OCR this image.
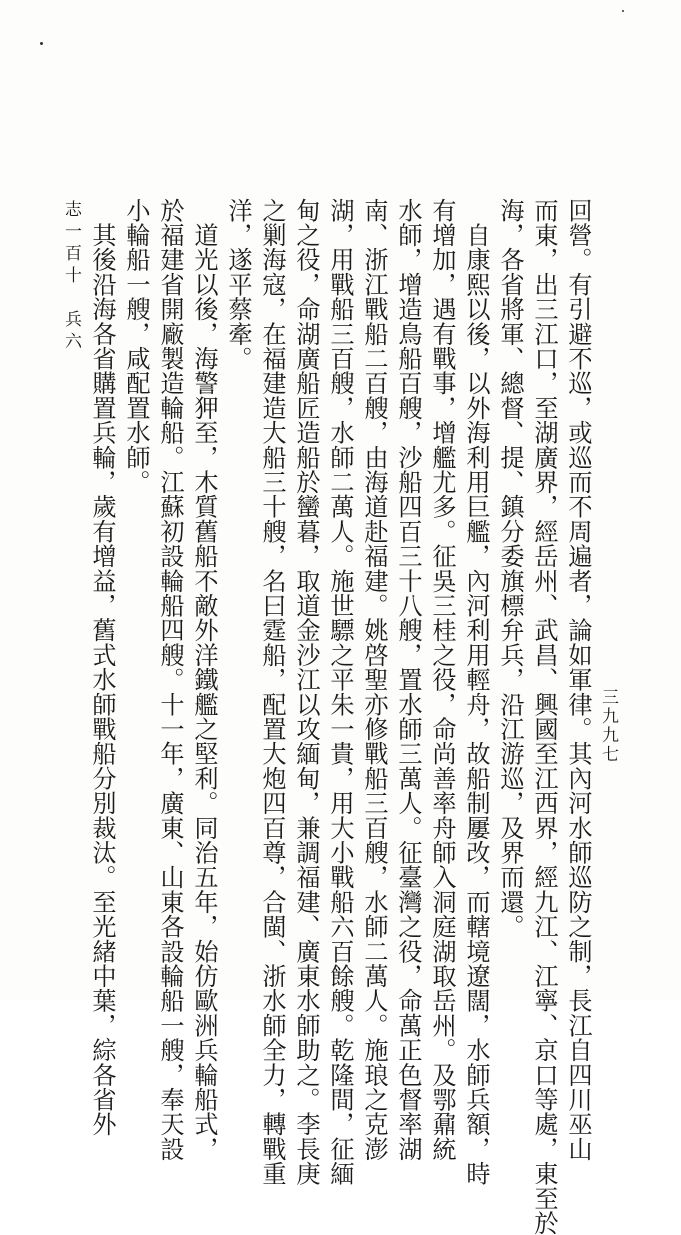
志一百十　兵六	回營。有引避不巡，或巡而不周遍者，論如軍律。其內河水師巡防之制，長江自四川巫山
而東，出三江口，至湖廣界，經岳州、武昌、興國至江西界，經九江、江寧、京口等處，東至於
海，各省將軍、總督、提、鎮分委旗標弁兵，沿江游巡，及界而還。
　自康熙以後，以外海利用巨艦，內河利用輕舟，故船制屢改，而轄境遼闊，水師兵額，時
有增加，遇有戰事，增艦尤多。征吳三桂之役，命尚善率舟師入洞庭湖取岳州。及鄂鼐統
水師，增造鳥船百艘，沙船四百三十八艘，置水師三萬人。征臺灣之役，命萬正色督率湖
南、浙江戰船二百艘，由海道赴福建。姚啓聖亦修戰船三百艘，水師二萬人。施琅之克澎
湖，用戰船三百艘，水師二萬人。施世驃之平朱一貴，用大小戰船六百餘艘。乾隆間，征緬
甸之役，命湖廣船匠造船於蠻暮，取道金沙江以攻緬甸，兼調福建、廣東水師助之。李長庚
之剿海寇，在福建造大船三十艘，名曰霆船，配置大炮四百尊，合閩、浙水師全力，轉戰重
洋，遂平蔡牽。
　道光以後，海警狎至，木質舊船不敵外洋鐵艦之堅利。同治五年，始仿歐洲兵輪船式，
於福建省開廠製造輪船。江蘇初設輪船四艘。十一年，廣東、山東各設輪船一艘，奉天設
小輪船一艘，咸配置水師。
　其後沿海各省購置兵輪，歲有增益，舊式水師戰船分別裁汰。至光緒中葉，綜各省外	三九九七
